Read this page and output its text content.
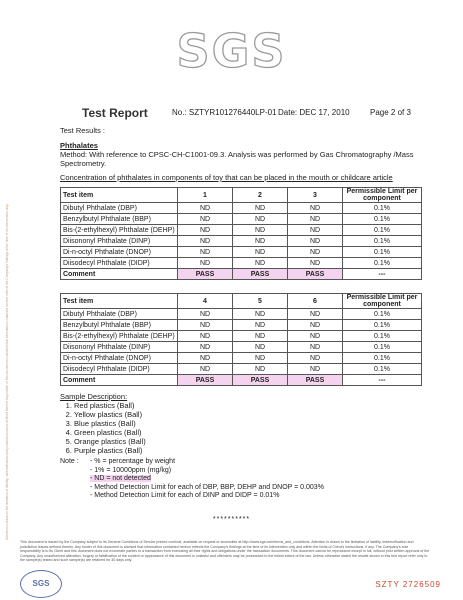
SGS
Attention is drawn to the limitation of liability, indemnification and jurisdiction issues defined therein. Any holder of this document is advised that information contained hereon reflects the Company's findings at the time of its intervention only.
Test Report	No.: SZTYR101276440LP-01 Date: DEC 17, 2010	Page 2 of 3
Test Results :
Phthalates
Method: With reference to CPSC-CH-C1001-09.3. Analysis was performed by Gas Chromatography /Mass Spectrometry.
Concentration of phthalates in components of toy that can be placed in the mouth or childcare article
Test item	1	2	3	Permissible Limit per component
Dibutyl Phthalate (DBP)	ND	ND	ND	0.1%
Benzylbutyl Phthalate (BBP)	ND	ND	ND	0.1%
Bis-(2-ethylhexyl) Phthalate (DEHP)	ND	ND	ND	0.1%
Diisononyl Phthalate (DINP)	ND	ND	ND	0.1%
Di-n-octyl Phthalate (DNOP)	ND	ND	ND	0.1%
Diisodecyl Phthalate (DIDP)	ND	ND	ND	0.1%
Comment	PASS	PASS	PASS	---
Test item	4	5	6	Permissible Limit per component
Dibutyl Phthalate (DBP)	ND	ND	ND	0.1%
Benzylbutyl Phthalate (BBP)	ND	ND	ND	0.1%
Bis-(2-ethylhexyl) Phthalate (DEHP)	ND	ND	ND	0.1%
Diisononyl Phthalate (DINP)	ND	ND	ND	0.1%
Di-n-octyl Phthalate (DNOP)	ND	ND	ND	0.1%
Diisodecyl Phthalate (DIDP)	ND	ND	ND	0.1%
Comment	PASS	PASS	PASS	---
Sample Description:
1. Red plastics (Ball)
2. Yellow plastics (Ball)
3. Blue plastics (Ball)
4. Green plastics (Ball)
5. Orange plastics (Ball)
6. Purple plastics (Ball)
Note :	- % = percentage by weight
- 1% = 10000ppm (mg/kg)
- ND = not detected
- Method Detection Limit for each of DBP, BBP, DEHP and DNOP = 0.003%
- Method Detection Limit for each of DINP and DIDP = 0.01%
**********
This document is issued by the Company subject to its General Conditions of Service printed overleaf, available on request or accessible at http://www.sgs.com/terms_and_conditions. Attention is drawn to the limitation of liability, indemnification and jurisdiction issues defined therein. Any holder of this document is advised that information contained hereon reflects the Company's findings at the time of its intervention only and within the limits of Client's instructions, if any. The Company's sole responsibility is to its Client and this document does not exonerate parties to a transaction from exercising all their rights and obligations under the transaction documents. This document cannot be reproduced except in full, without prior written approval of the Company. Any unauthorized alteration, forgery or falsification of the content or appearance of this document is unlawful and offenders may be prosecuted to the fullest extent of the law. Unless otherwise stated the results shown in this test report refer only to the sample(s) tested and such sample(s) are retained for 30 days only.
SGS	SZTY 2726509
